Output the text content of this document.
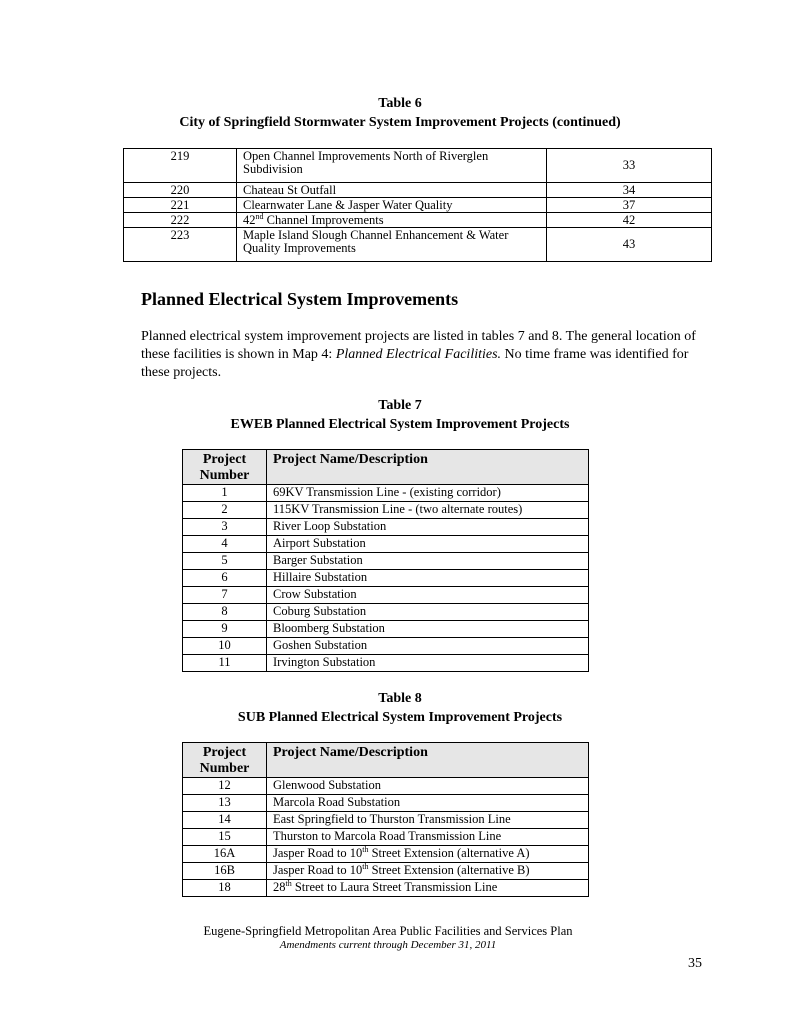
Table 6
City of Springfield Stormwater System Improvement Projects (continued)
219	Open Channel Improvements North of Riverglen Subdivision	33
220	Chateau St Outfall	34
221	Clearnwater Lane & Jasper Water Quality	37
222	42nd Channel Improvements	42
223	Maple Island Slough Channel Enhancement & Water Quality Improvements	43
Planned Electrical System Improvements
Planned electrical system improvement projects are listed in tables 7 and 8. The general location of these facilities is shown in Map 4: Planned Electrical Facilities. No time frame was identified for these projects.
Table 7
EWEB Planned Electrical System Improvement Projects
Project Number	Project Name/Description
1	69KV Transmission Line - (existing corridor)
2	115KV Transmission Line - (two alternate routes)
3	River Loop Substation
4	Airport Substation
5	Barger Substation
6	Hillaire Substation
7	Crow Substation
8	Coburg Substation
9	Bloomberg Substation
10	Goshen Substation
11	Irvington Substation
Table 8
SUB Planned Electrical System Improvement Projects
Project Number	Project Name/Description
12	Glenwood Substation
13	Marcola Road Substation
14	East Springfield to Thurston Transmission Line
15	Thurston to Marcola Road Transmission Line
16A	Jasper Road to 10th Street Extension (alternative A)
16B	Jasper Road to 10th Street Extension (alternative B)
18	28th Street to Laura Street Transmission Line
Eugene-Springfield Metropolitan Area Public Facilities and Services Plan
Amendments current through December 31, 2011
35
